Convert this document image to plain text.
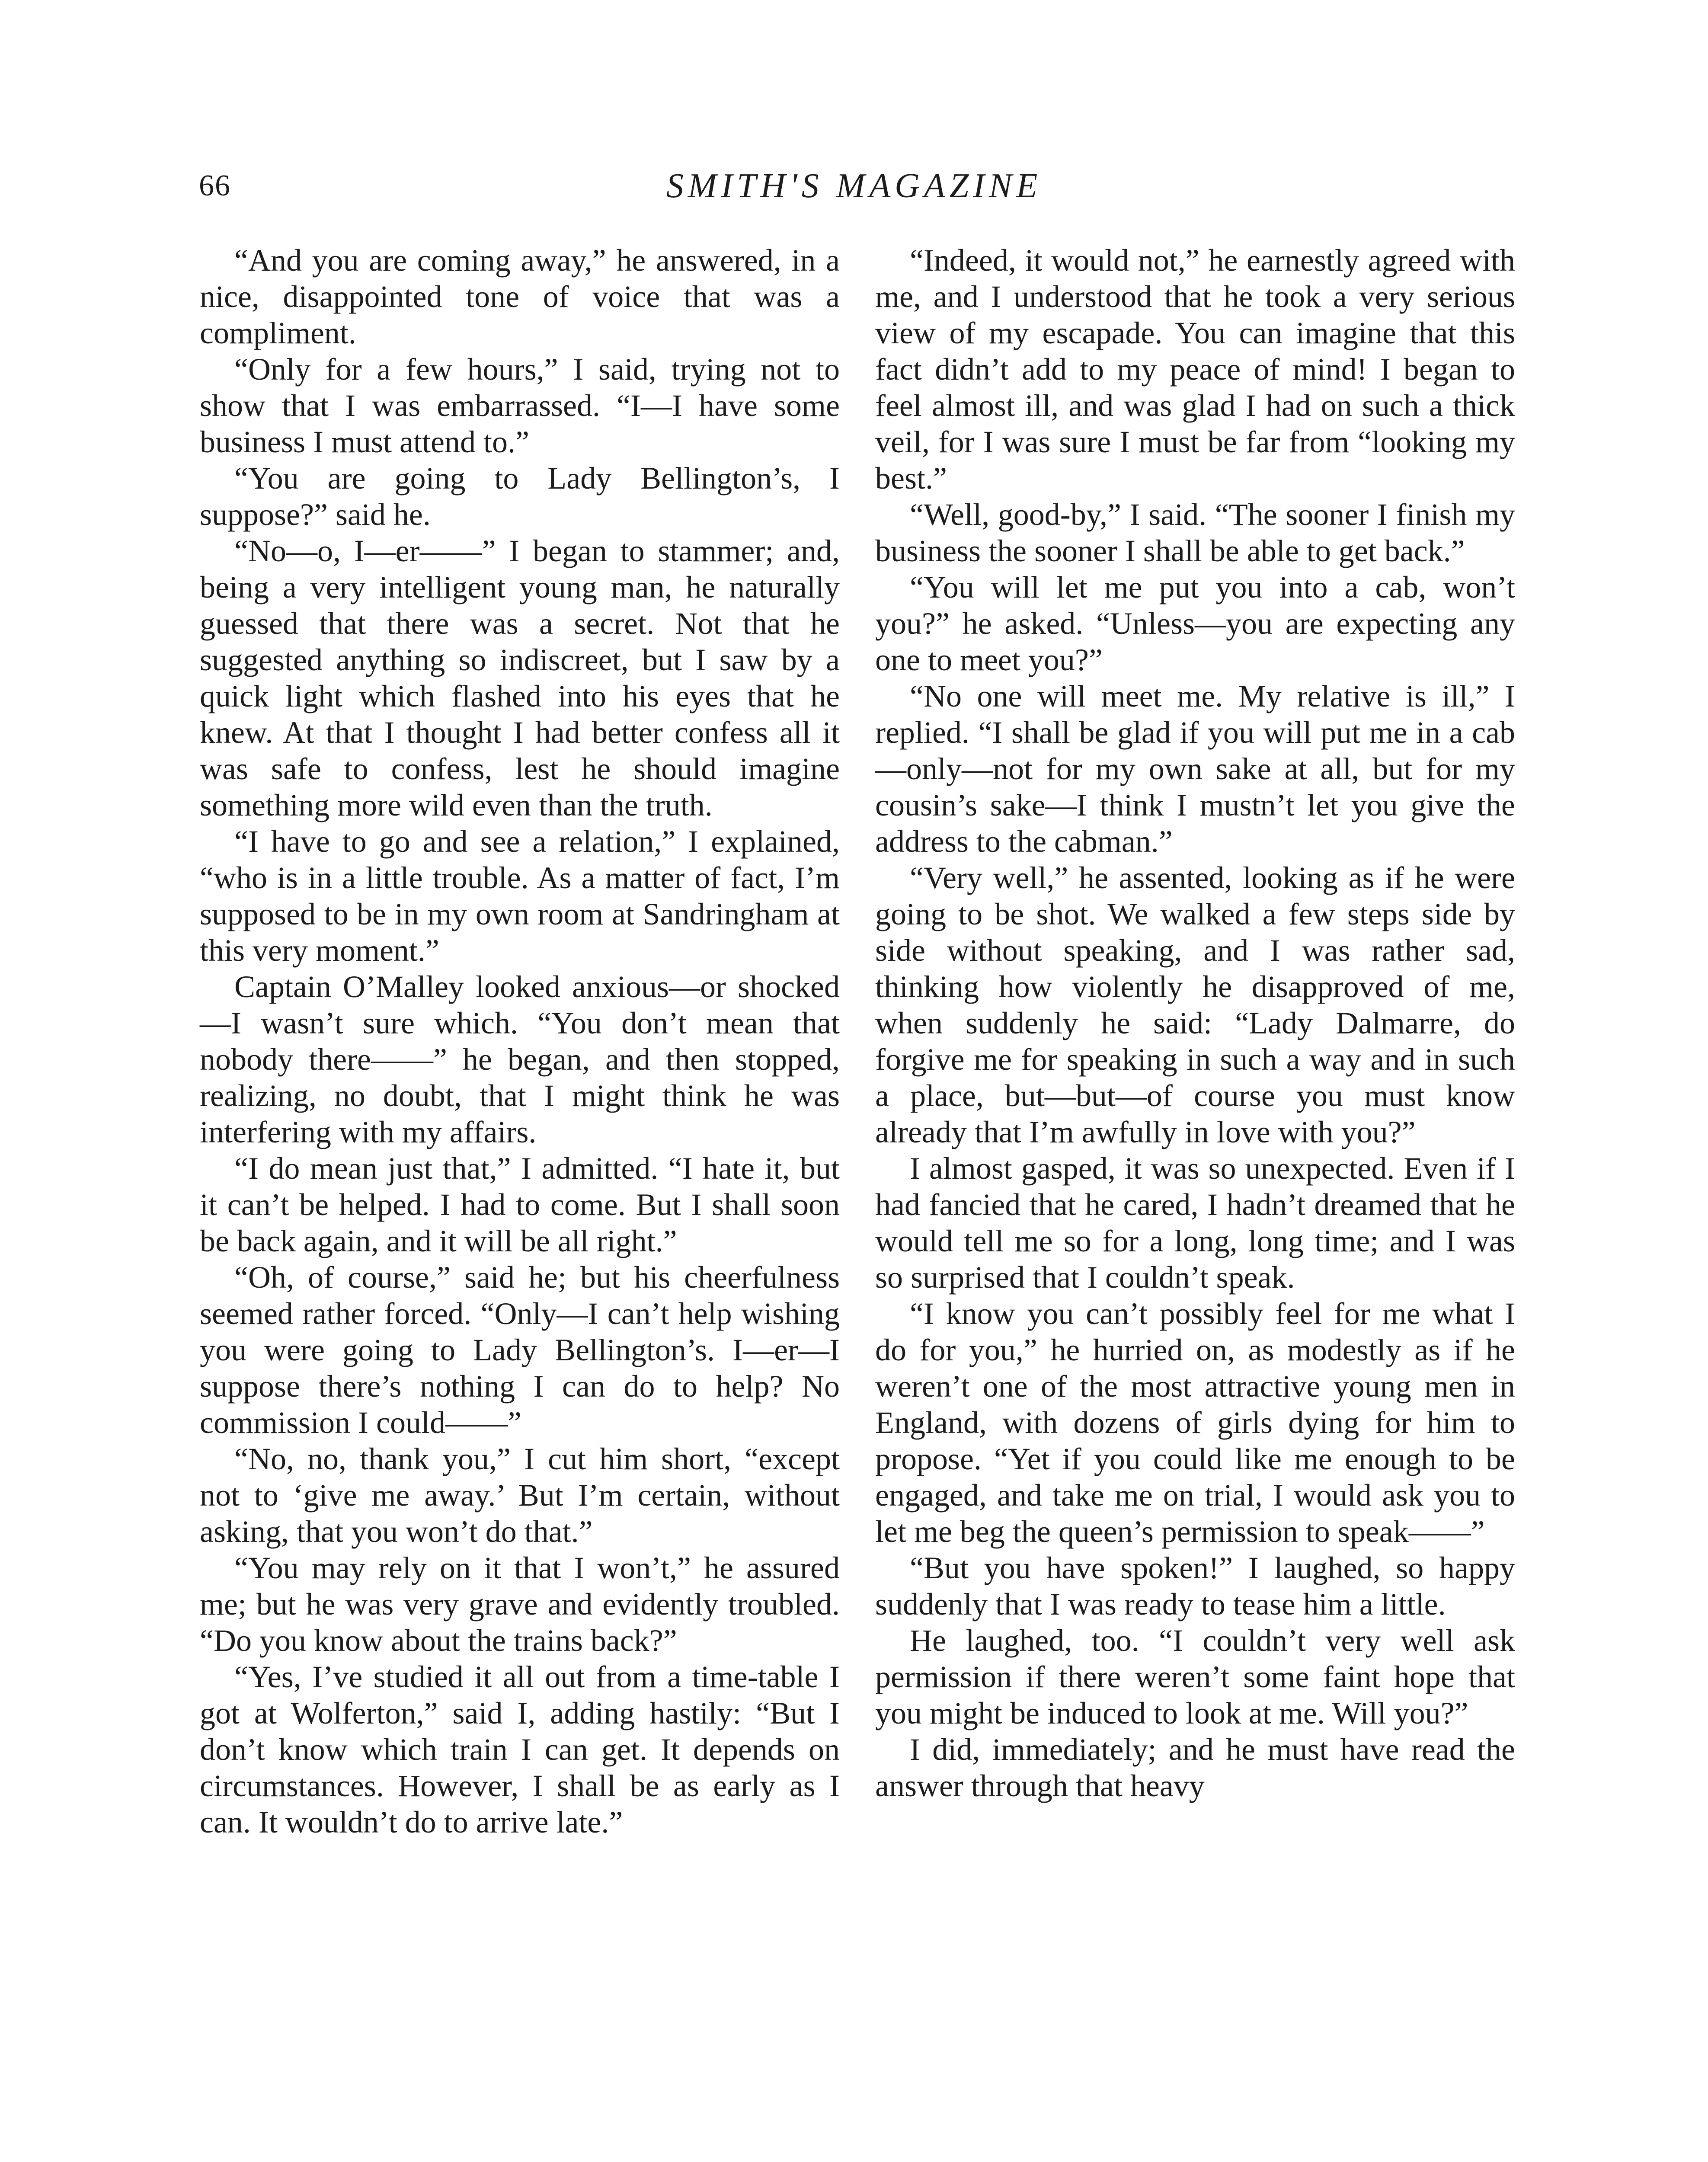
66	SMITH'S MAGAZINE

“And you are coming away,” he answered, in a nice, disappointed tone of voice that was a compliment.

“Only for a few hours,” I said, trying not to show that I was embarrassed. “I—I have some business I must attend to.”

“You are going to Lady Bellington’s, I suppose?” said he.

“No—o, I—er——” I began to stammer; and, being a very intelligent young man, he naturally guessed that there was a secret. Not that he suggested anything so indiscreet, but I saw by a quick light which flashed into his eyes that he knew. At that I thought I had better confess all it was safe to confess, lest he should imagine something more wild even than the truth.

“I have to go and see a relation,” I explained, “who is in a little trouble. As a matter of fact, I’m supposed to be in my own room at Sandringham at this very moment.”

Captain O’Malley looked anxious—or shocked—I wasn’t sure which. “You don’t mean that nobody there——” he began, and then stopped, realizing, no doubt, that I might think he was interfering with my affairs.

“I do mean just that,” I admitted. “I hate it, but it can’t be helped. I had to come. But I shall soon be back again, and it will be all right.”

“Oh, of course,” said he; but his cheerfulness seemed rather forced. “Only—I can’t help wishing you were going to Lady Bellington’s. I—er—I suppose there’s nothing I can do to help? No commission I could——”

“No, no, thank you,” I cut him short, “except not to ‘give me away.’ But I’m certain, without asking, that you won’t do that.”

“You may rely on it that I won’t,” he assured me; but he was very grave and evidently troubled. “Do you know about the trains back?”

“Yes, I’ve studied it all out from a time-table I got at Wolferton,” said I, adding hastily: “But I don’t know which train I can get. It depends on circumstances. However, I shall be as early as I can. It wouldn’t do to arrive late.”

“Indeed, it would not,” he earnestly agreed with me, and I understood that he took a very serious view of my escapade. You can imagine that this fact didn’t add to my peace of mind! I began to feel almost ill, and was glad I had on such a thick veil, for I was sure I must be far from “looking my best.”

“Well, good-by,” I said. “The sooner I finish my business the sooner I shall be able to get back.”

“You will let me put you into a cab, won’t you?” he asked. “Unless—you are expecting any one to meet you?”

“No one will meet me. My relative is ill,” I replied. “I shall be glad if you will put me in a cab—only—not for my own sake at all, but for my cousin’s sake—I think I mustn’t let you give the address to the cabman.”

“Very well,” he assented, looking as if he were going to be shot. We walked a few steps side by side without speaking, and I was rather sad, thinking how violently he disapproved of me, when suddenly he said: “Lady Dalmarre, do forgive me for speaking in such a way and in such a place, but—but—of course you must know already that I’m awfully in love with you?”

I almost gasped, it was so unexpected. Even if I had fancied that he cared, I hadn’t dreamed that he would tell me so for a long, long time; and I was so surprised that I couldn’t speak.

“I know you can’t possibly feel for me what I do for you,” he hurried on, as modestly as if he weren’t one of the most attractive young men in England, with dozens of girls dying for him to propose. “Yet if you could like me enough to be engaged, and take me on trial, I would ask you to let me beg the queen’s permission to speak——”

“But you have spoken!” I laughed, so happy suddenly that I was ready to tease him a little.

He laughed, too. “I couldn’t very well ask permission if there weren’t some faint hope that you might be induced to look at me. Will you?”

I did, immediately; and he must have read the answer through that heavy
